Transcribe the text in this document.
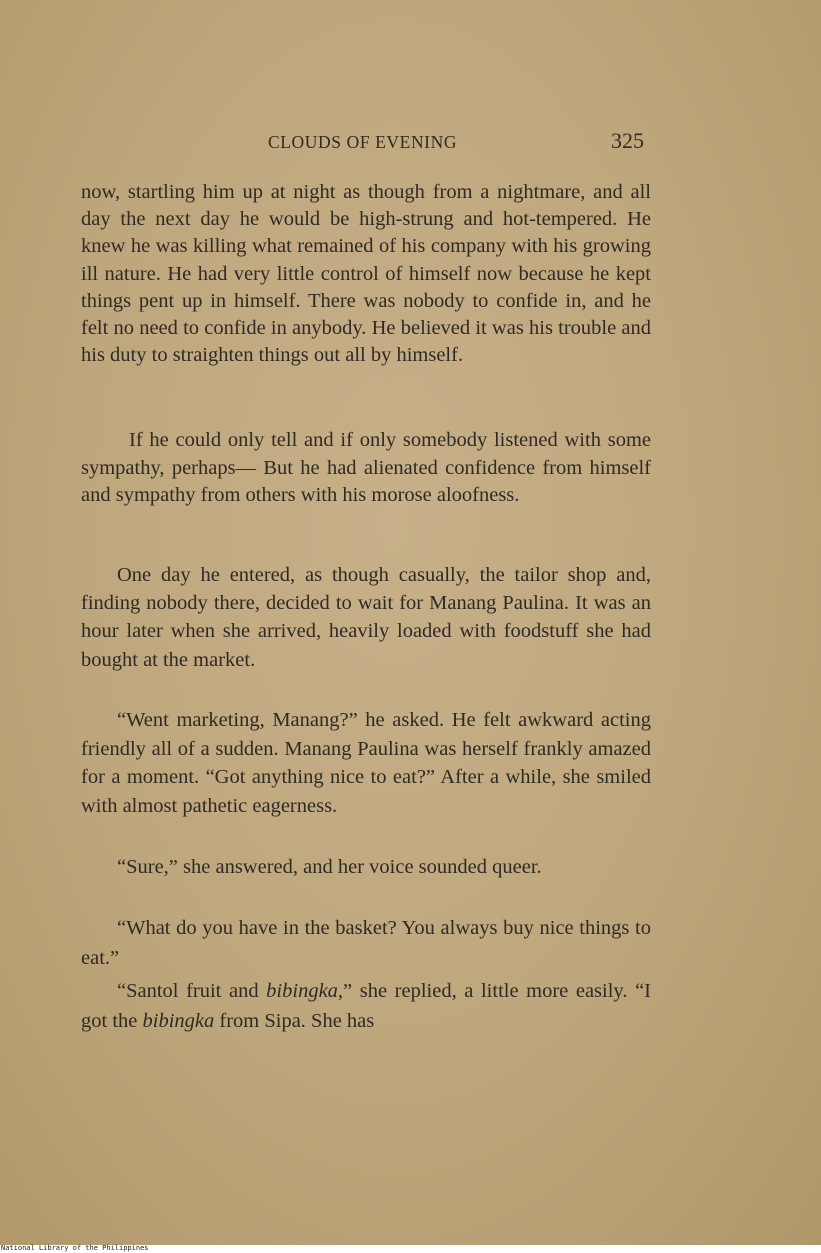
CLOUDS OF EVENING	325

now, startling him up at night as though from a nightmare, and all day the next day he would be high-strung and hot-tempered. He knew he was killing what remained of his company with his growing ill nature. He had very little control of himself now because he kept things pent up in himself. There was nobody to confide in, and he felt no need to confide in anybody. He believed it was his trouble and his duty to straighten things out all by himself.

If he could only tell and if only somebody listened with some sympathy, perhaps— But he had alienated confidence from himself and sympathy from others with his morose aloofness.

One day he entered, as though casually, the tailor shop and, finding nobody there, decided to wait for Manang Paulina. It was an hour later when she arrived, heavily loaded with foodstuff she had bought at the market.

“Went marketing, Manang?” he asked. He felt awkward acting friendly all of a sudden. Manang Paulina was herself frankly amazed for a moment. “Got anything nice to eat?” After a while, she smiled with almost pathetic eagerness.

“Sure,” she answered, and her voice sounded queer.

“What do you have in the basket? You always buy nice things to eat.”

“Santol fruit and bibingka,” she replied, a little more easily. “I got the bibingka from Sipa. She has

National Library of the Philippines
